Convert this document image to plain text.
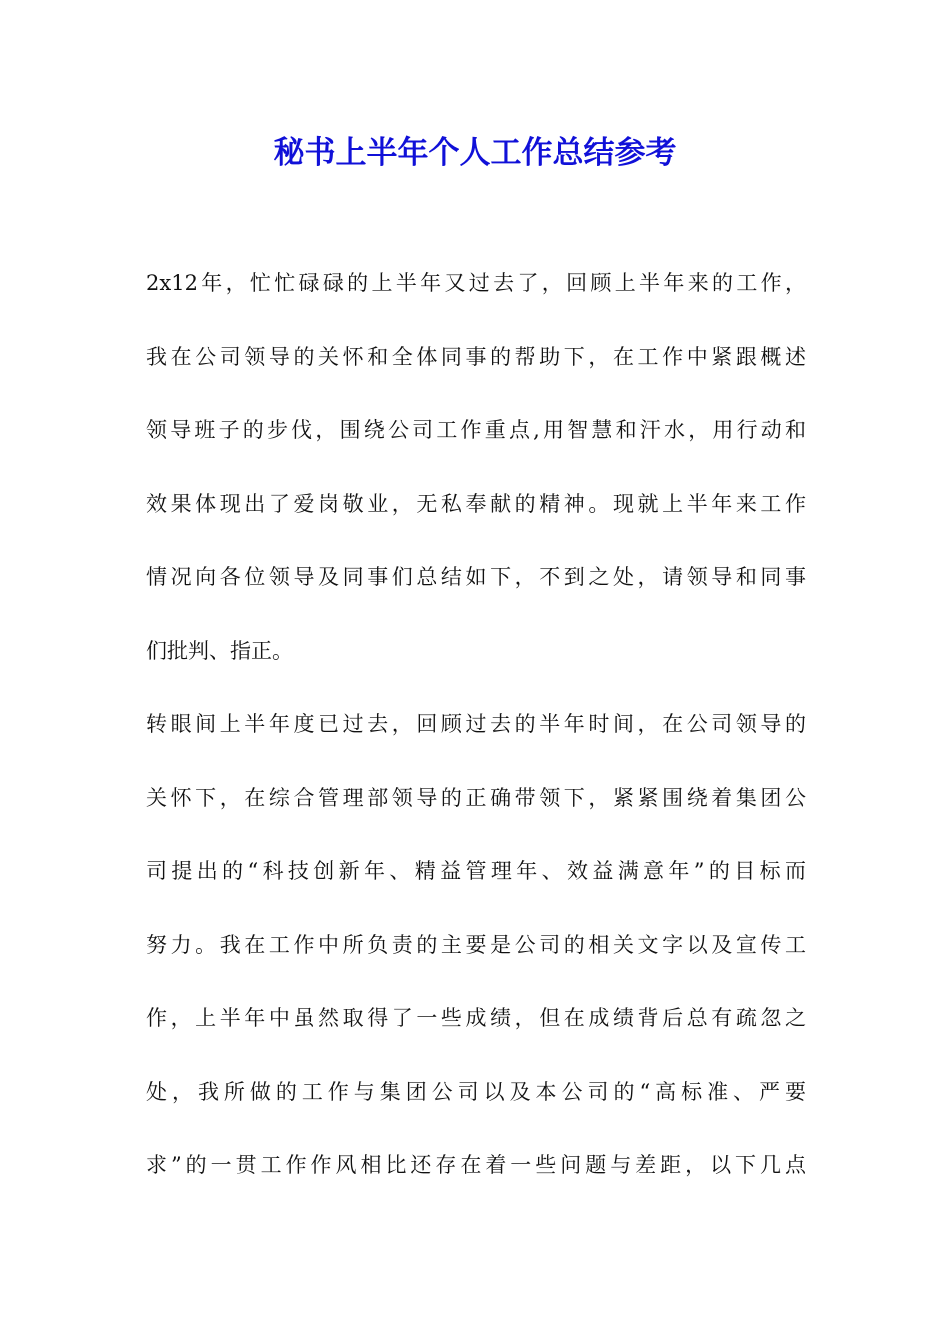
秘书上半年个人工作总结参考

2x12年，忙忙碌碌的上半年又过去了，回顾上半年来的工作，

我在公司领导的关怀和全体同事的帮助下，在工作中紧跟概述

领导班子的步伐，围绕公司工作重点,用智慧和汗水，用行动和

效果体现出了爱岗敬业，无私奉献的精神。现就上半年来工作

情况向各位领导及同事们总结如下，不到之处，请领导和同事

们批判、指正。

转眼间上半年度已过去，回顾过去的半年时间，在公司领导的

关怀下，在综合管理部领导的正确带领下，紧紧围绕着集团公

司提出的“科技创新年、精益管理年、效益满意年”的目标而

努力。我在工作中所负责的主要是公司的相关文字以及宣传工

作，上半年中虽然取得了一些成绩，但在成绩背后总有疏忽之

处，我所做的工作与集团公司以及本公司的“高标准、严要

求”的一贯工作作风相比还存在着一些问题与差距，以下几点
